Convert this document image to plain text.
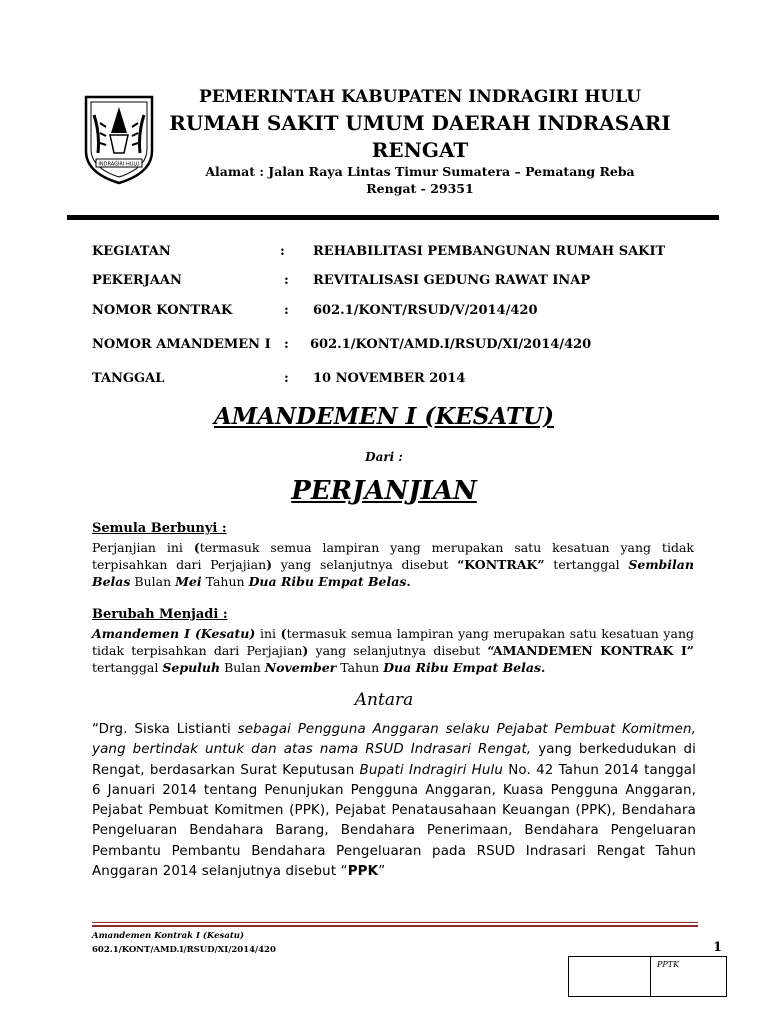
INDRAGIRI HULU
PEMERINTAH KABUPATEN INDRAGIRI HULU
RUMAH SAKIT UMUM DAERAH INDRASARI
RENGAT
Alamat : Jalan Raya Lintas Timur Sumatera – Pematang Reba
Rengat - 29351
KEGIATAN	: REHABILITASI PEMBANGUNAN RUMAH SAKIT
PEKERJAAN	: REVITALISASI GEDUNG RAWAT INAP
NOMOR KONTRAK	: 602.1/KONT/RSUD/V/2014/420
NOMOR AMANDEMEN I : 602.1/KONT/AMD.I/RSUD/XI/2014/420
TANGGAL	: 10 NOVEMBER 2014
AMANDEMEN I (KESATU)
Dari :
PERJANJIAN
Semula Berbunyi :
Perjanjian ini (termasuk semua lampiran yang merupakan satu kesatuan yang tidak terpisahkan dari Perjajian) yang selanjutnya disebut “KONTRAK” tertanggal Sembilan Belas Bulan Mei Tahun Dua Ribu Empat Belas.
Berubah Menjadi :
Amandemen I (Kesatu) ini (termasuk semua lampiran yang merupakan satu kesatuan yang tidak terpisahkan dari Perjajian) yang selanjutnya disebut “AMANDEMEN KONTRAK I” tertanggal Sepuluh Bulan November Tahun Dua Ribu Empat Belas.
Antara
“Drg. Siska Listianti sebagai Pengguna Anggaran selaku Pejabat Pembuat Komitmen, yang bertindak untuk dan atas nama RSUD Indrasari Rengat, yang berkedudukan di Rengat, berdasarkan Surat Keputusan Bupati Indragiri Hulu No. 42 Tahun 2014 tanggal 6 Januari 2014 tentang Penunjukan Pengguna Anggaran, Kuasa Pengguna Anggaran, Pejabat Pembuat Komitmen (PPK), Pejabat Penatausahaan Keuangan (PPK), Bendahara Pengeluaran Bendahara Barang, Bendahara Penerimaan, Bendahara Pengeluaran Pembantu Pembantu Bendahara Pengeluaran pada RSUD Indrasari Rengat Tahun Anggaran 2014 selanjutnya disebut “PPK”
Amandemen Kontrak I (Kesatu)
602.1/KONT/AMD.I/RSUD/XI/2014/420	1
PPTK
